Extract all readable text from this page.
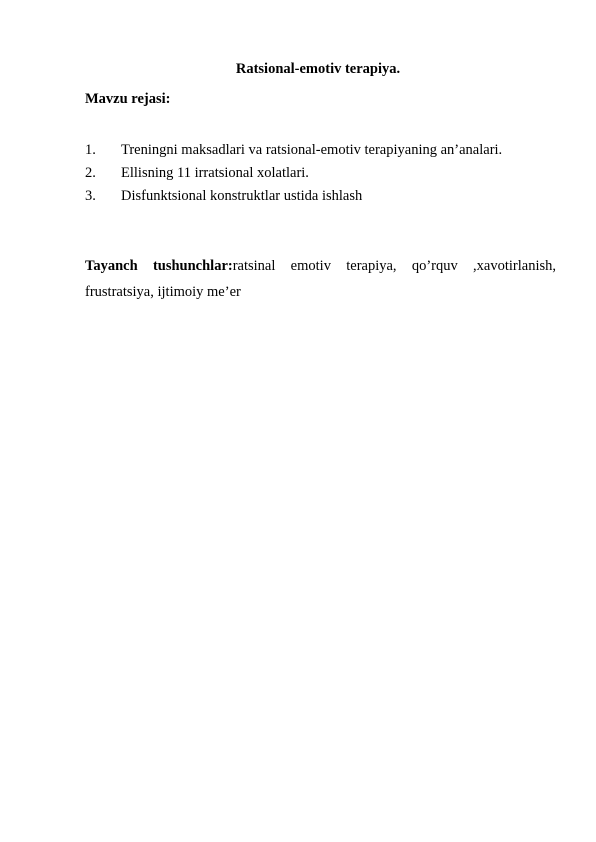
Ratsional-emotiv terapiya.
Mavzu rejasi:
1. Treningni maksadlari va ratsional-emotiv terapiyaning an’analari.
2. Ellisning 11 irratsional xolatlari.
3. Disfunktsional konstruktlar ustida ishlash

Tayanch tushunchlar:ratsinal emotiv terapiya, qo’rquv ,xavotirlanish, frustratsiya, ijtimoiy me’er
